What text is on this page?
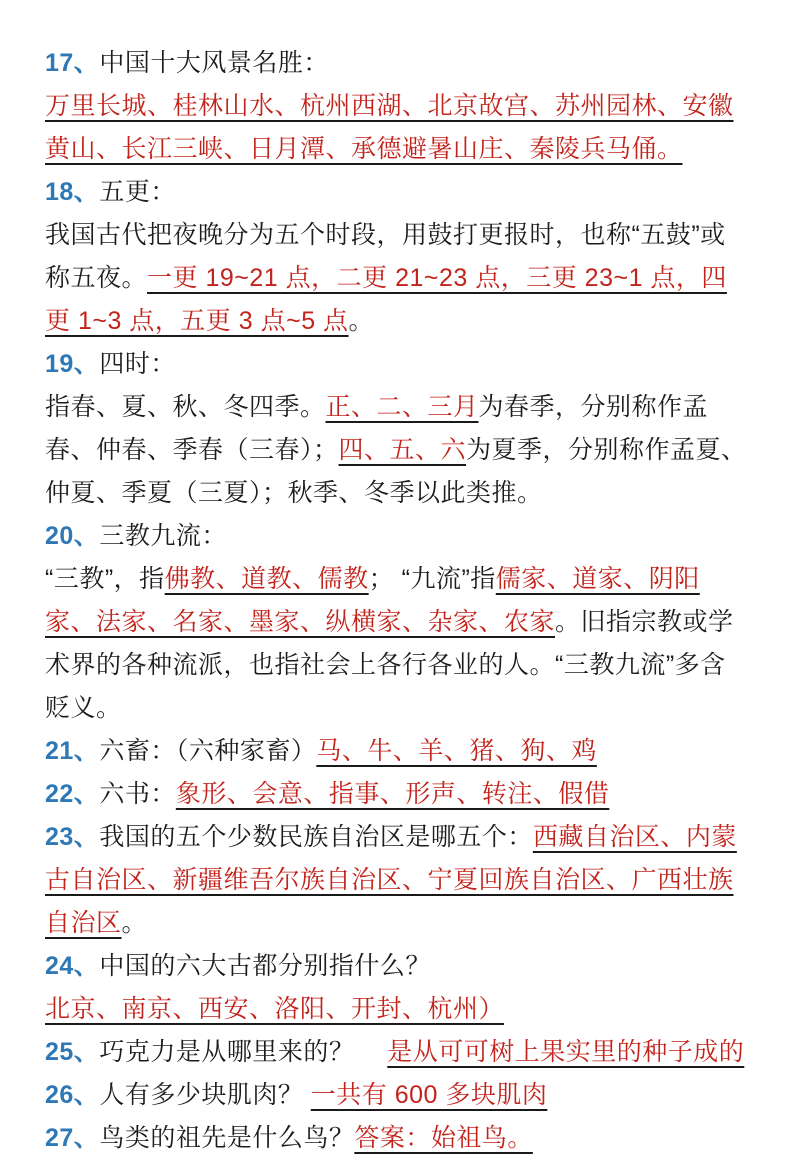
17、中国十大风景名胜：
万里长城、桂林山水、杭州西湖、北京故宫、苏州园林、安徽黄山、长江三峡、日月潭、承德避暑山庄、秦陵兵马俑。

18、五更：
我国古代把夜晚分为五个时段，用鼓打更报时，也称“五鼓”或称五夜。一更 19~21 点，二更 21~23 点，三更 23~1 点，四更 1~3 点，五更 3 点~5 点。

19、四时：
指春、夏、秋、冬四季。正、二、三月为春季，分别称作孟春、仲春、季春（三春）；四、五、六为夏季，分别称作孟夏、仲夏、季夏（三夏）；秋季、冬季以此类推。

20、三教九流：
“三教”，指佛教、道教、儒教； “九流”指儒家、道家、阴阳家、法家、名家、墨家、纵横家、杂家、农家。旧指宗教或学术界的各种流派，也指社会上各行各业的人。“三教九流”多含贬义。

21、六畜：（六种家畜）马、牛、羊、猪、狗、鸡

22、六书：象形、会意、指事、形声、转注、假借

23、我国的五个少数民族自治区是哪五个：西藏自治区、内蒙古自治区、新疆维吾尔族自治区、宁夏回族自治区、广西壮族自治区。

24、中国的六大古都分别指什么？
北京、南京、西安、洛阳、开封、杭州）

25、巧克力是从哪里来的？　 是从可可树上果实里的种子成的

26、人有多少块肌肉？ 一共有 600 多块肌肉

27、鸟类的祖先是什么鸟？答案：始祖鸟。
